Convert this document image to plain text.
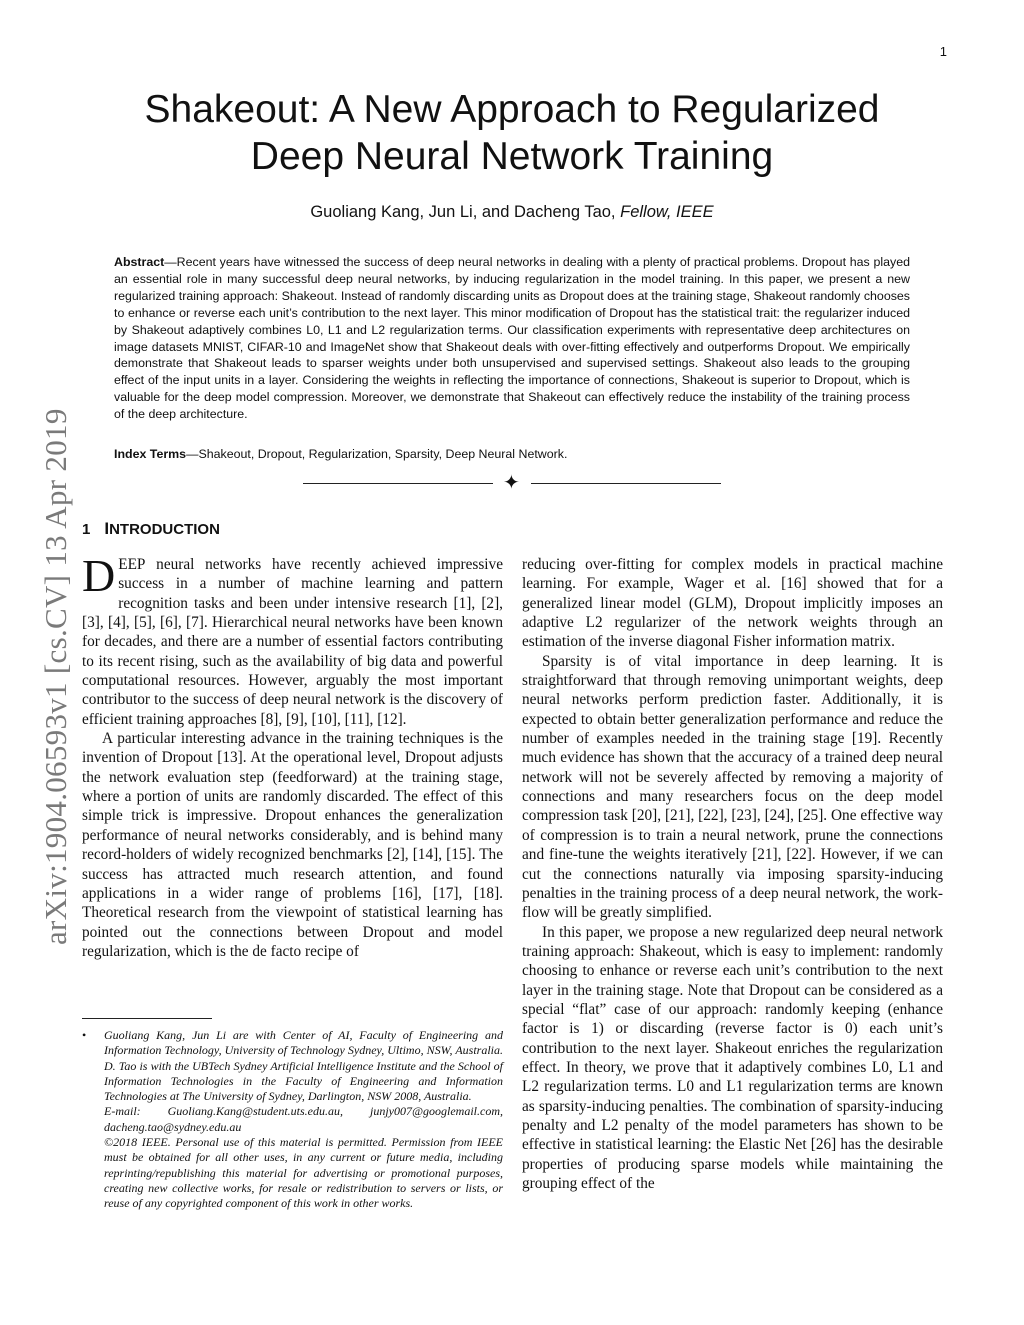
1
Shakeout: A New Approach to Regularized
Deep Neural Network Training
Guoliang Kang, Jun Li, and Dacheng Tao, Fellow, IEEE
Abstract—Recent years have witnessed the success of deep neural networks in dealing with a plenty of practical problems. Dropout has played an essential role in many successful deep neural networks, by inducing regularization in the model training. In this paper, we present a new regularized training approach: Shakeout. Instead of randomly discarding units as Dropout does at the training stage, Shakeout randomly chooses to enhance or reverse each unit’s contribution to the next layer. This minor modification of Dropout has the statistical trait: the regularizer induced by Shakeout adaptively combines L0, L1 and L2 regularization terms. Our classification experiments with representative deep architectures on image datasets MNIST, CIFAR-10 and ImageNet show that Shakeout deals with over-fitting effectively and outperforms Dropout. We empirically demonstrate that Shakeout leads to sparser weights under both unsupervised and supervised settings. Shakeout also leads to the grouping effect of the input units in a layer. Considering the weights in reflecting the importance of connections, Shakeout is superior to Dropout, which is valuable for the deep model compression. Moreover, we demonstrate that Shakeout can effectively reduce the instability of the training process of the deep architecture.
Index Terms—Shakeout, Dropout, Regularization, Sparsity, Deep Neural Network.
✦
arXiv:1904.06593v1 [cs.CV] 13 Apr 2019 1 INTRODUCTION

DEEP neural networks have recently achieved impressive success in a number of machine learning and pattern recognition tasks and been under intensive research [1], [2], [3], [4], [5], [6], [7]. Hierarchical neural networks have been known for decades, and there are a number of essential factors contributing to its recent rising, such as the availability of big data and powerful computational resources. However, arguably the most important contributor to the success of deep neural network is the discovery of efficient training approaches [8], [9], [10], [11], [12].

A particular interesting advance in the training techniques is the invention of Dropout [13]. At the operational level, Dropout adjusts the network evaluation step (feedforward) at the training stage, where a portion of units are randomly discarded. The effect of this simple trick is impressive. Dropout enhances the generalization performance of neural networks considerably, and is behind many record-holders of widely recognized benchmarks [2], [14], [15]. The success has attracted much research attention, and found applications in a wider range of problems [16], [17], [18]. Theoretical research from the viewpoint of statistical learning has pointed out the connections between Dropout and model regularization, which is the de facto recipe of

• Guoliang Kang, Jun Li are with Center of AI, Faculty of Engineering and Information Technology, University of Technology Sydney, Ultimo, NSW, Australia. D. Tao is with the UBTech Sydney Artificial Intelligence Institute and the School of Information Technologies in the Faculty of Engineering and Information Technologies at The University of Sydney, Darlington, NSW 2008, Australia.

E-mail: Guoliang.Kang@student.uts.edu.au, junjy007@googlemail.com, dacheng.tao@sydney.edu.au

©2018 IEEE. Personal use of this material is permitted. Permission from IEEE must be obtained for all other uses, in any current or future media, including reprinting/republishing this material for advertising or promotional purposes, creating new collective works, for resale or redistribution to servers or lists, or reuse of any copyrighted component of this work in other works.

reducing over-fitting for complex models in practical machine learning. For example, Wager et al. [16] showed that for a generalized linear model (GLM), Dropout implicitly imposes an adaptive L2 regularizer of the network weights through an estimation of the inverse diagonal Fisher information matrix.

Sparsity is of vital importance in deep learning. It is straightforward that through removing unimportant weights, deep neural networks perform prediction faster. Additionally, it is expected to obtain better generalization performance and reduce the number of examples needed in the training stage [19]. Recently much evidence has shown that the accuracy of a trained deep neural network will not be severely affected by removing a majority of connections and many researchers focus on the deep model compression task [20], [21], [22], [23], [24], [25]. One effective way of compression is to train a neural network, prune the connections and fine-tune the weights iteratively [21], [22]. However, if we can cut the connections naturally via imposing sparsity-inducing penalties in the training process of a deep neural network, the work-flow will be greatly simplified.

In this paper, we propose a new regularized deep neural network training approach: Shakeout, which is easy to implement: randomly choosing to enhance or reverse each unit’s contribution to the next layer in the training stage. Note that Dropout can be considered as a special “flat” case of our approach: randomly keeping (enhance factor is 1) or discarding (reverse factor is 0) each unit’s contribution to the next layer. Shakeout enriches the regularization effect. In theory, we prove that it adaptively combines L0, L1 and L2 regularization terms. L0 and L1 regularization terms are known as sparsity-inducing penalties. The combination of sparsity-inducing penalty and L2 penalty of the model parameters has shown to be effective in statistical learning: the Elastic Net [26] has the desirable properties of producing sparse models while maintaining the grouping effect of the
